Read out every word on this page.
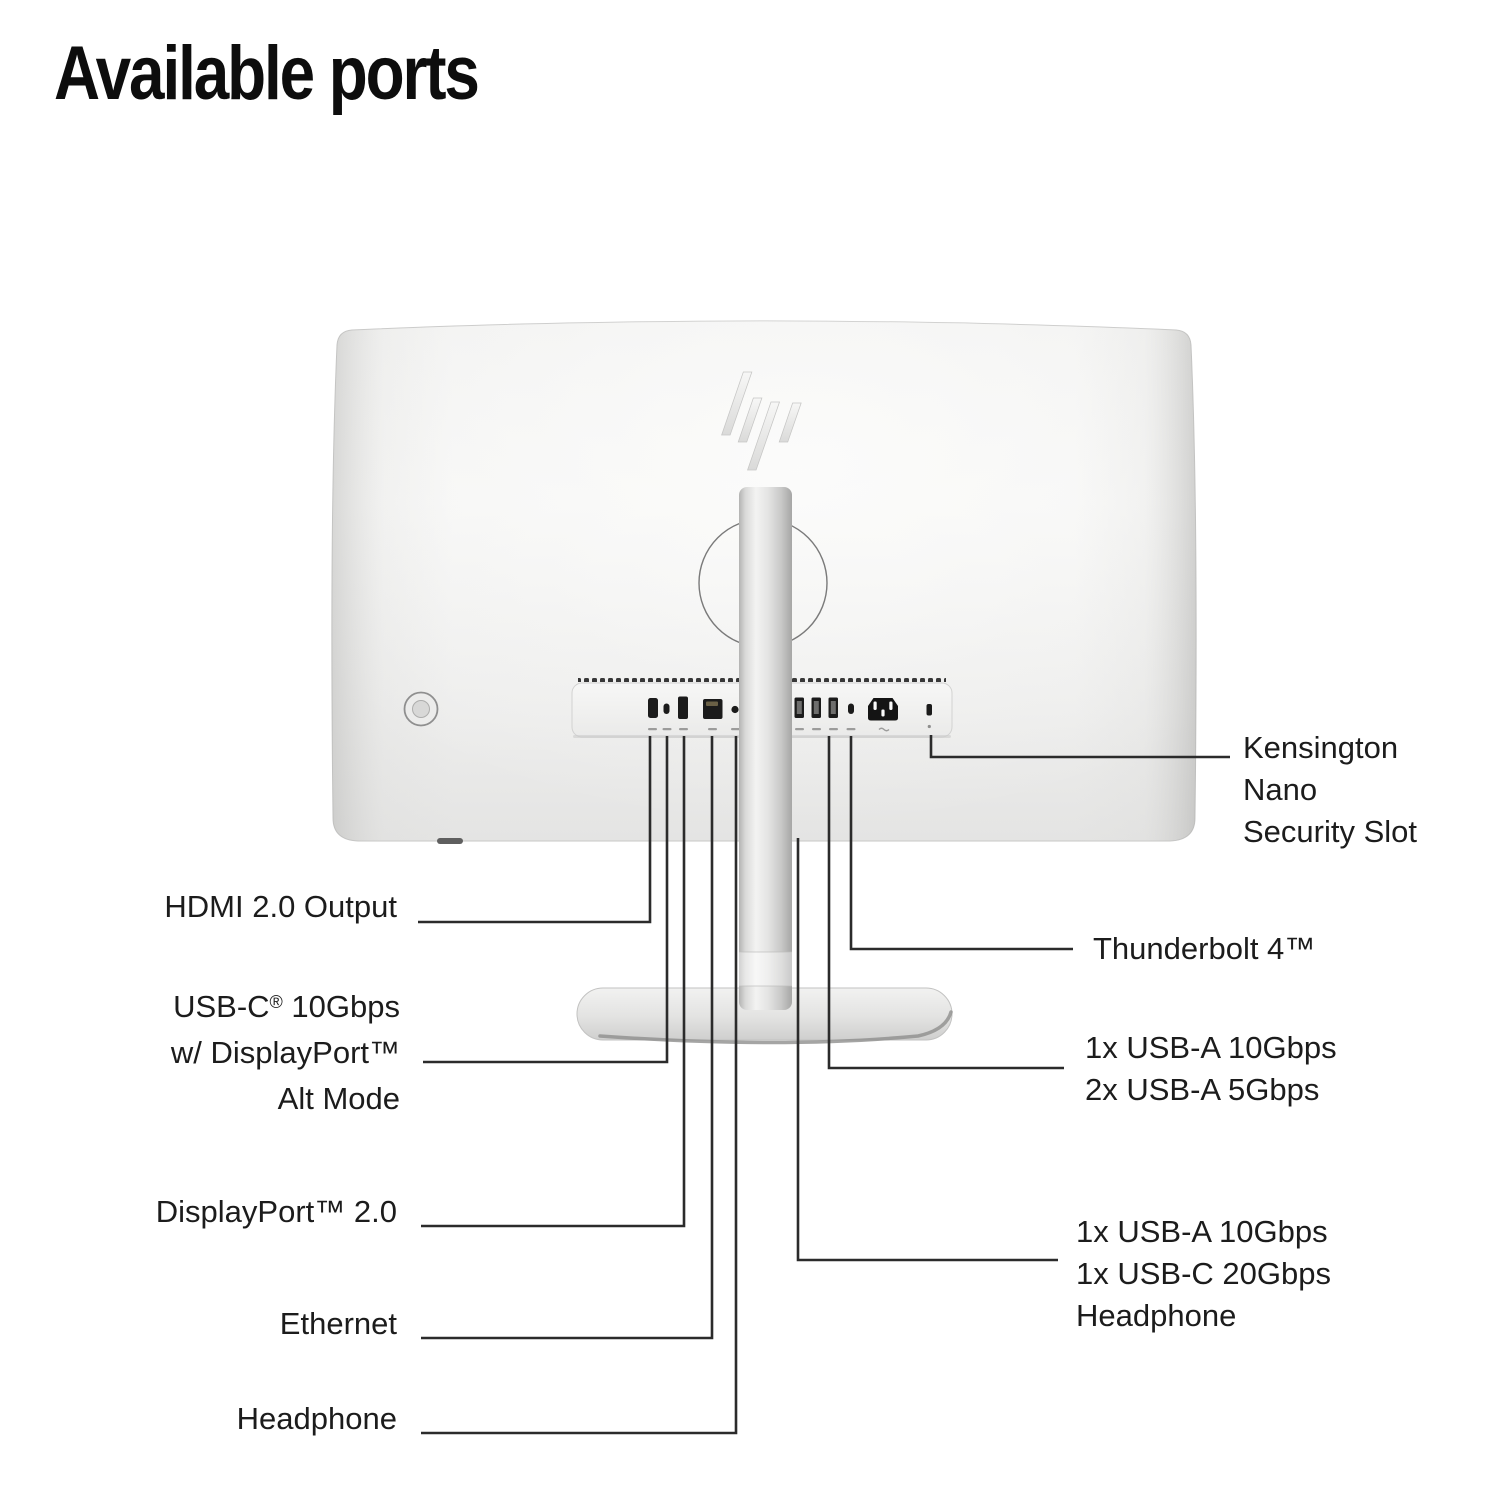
Available ports
HDMI 2.0 Output
USB-C® 10Gbps
w/ DisplayPort™
Alt Mode
DisplayPort™ 2.0
Ethernet
Headphone
Kensington
Nano
Security Slot
Thunderbolt 4™
1x USB-A 10Gbps
2x USB-A 5Gbps
1x USB-A 10Gbps
1x USB-C 20Gbps
Headphone
